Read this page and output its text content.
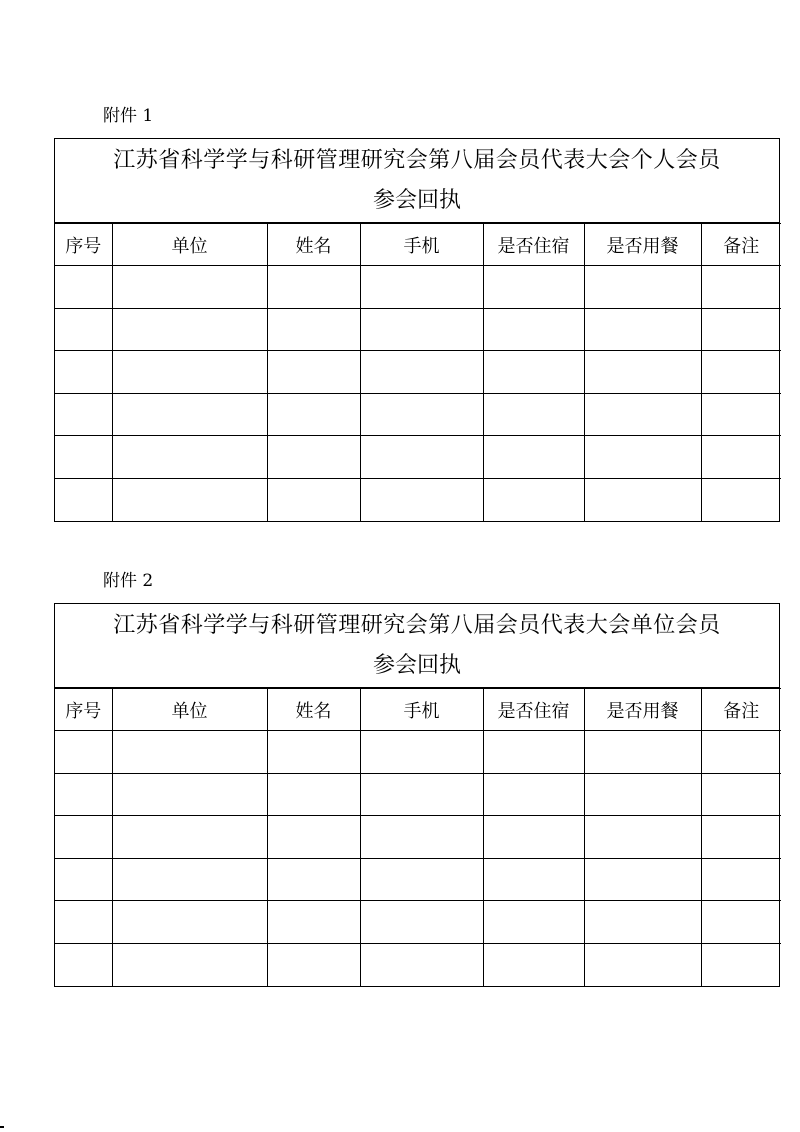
附件 1
江苏省科学学与科研管理研究会第八届会员代表大会个人会员
参会回执
序号	单位	姓名	手机	是否住宿	是否用餐	备注

附件 2
江苏省科学学与科研管理研究会第八届会员代表大会单位会员
参会回执
序号	单位	姓名	手机	是否住宿	是否用餐	备注
